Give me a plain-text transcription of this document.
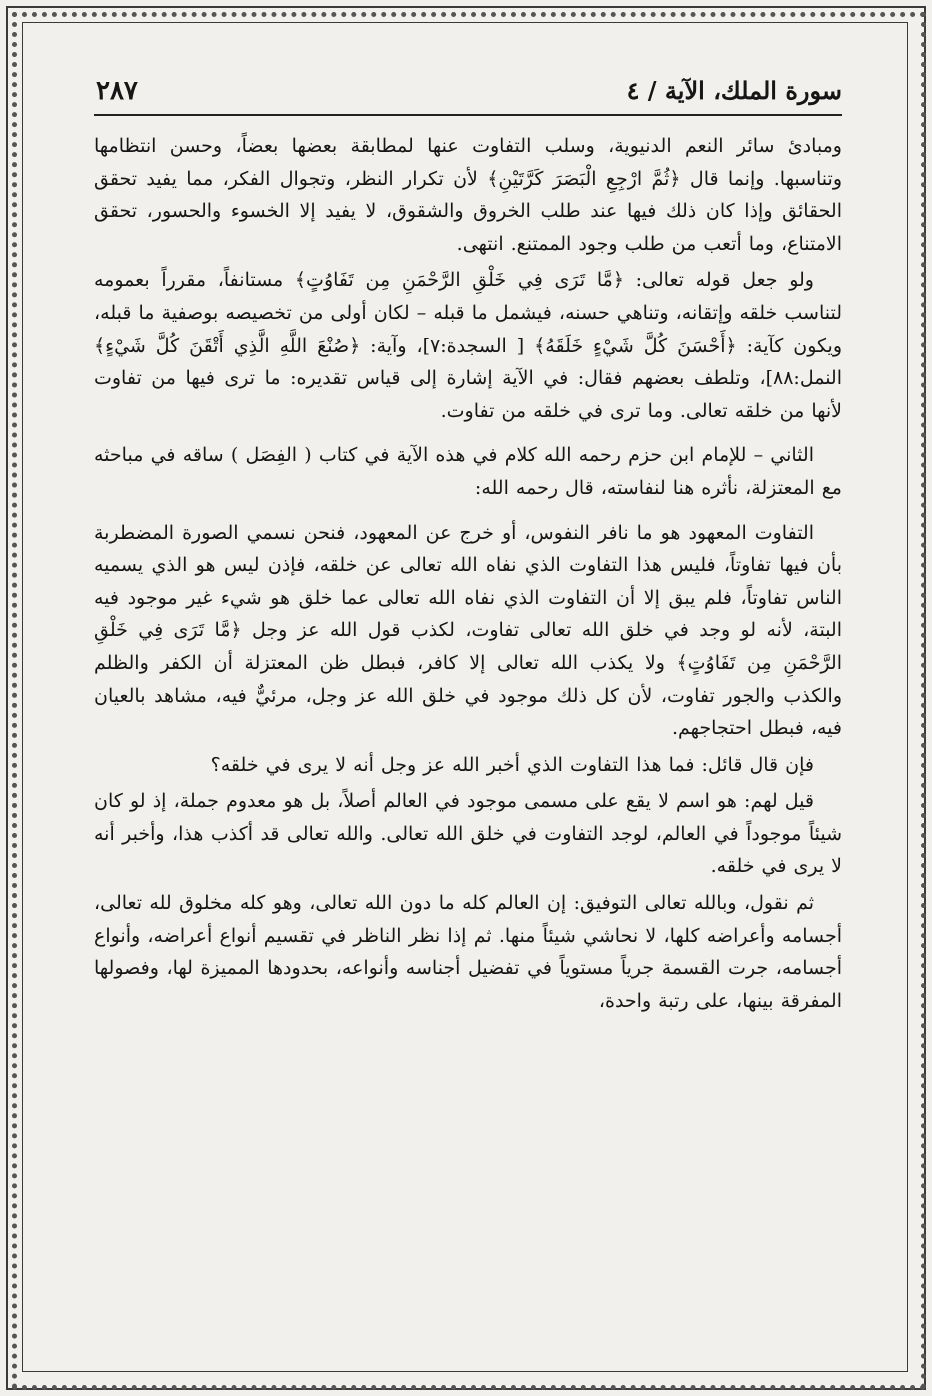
سورة الملك، الآية / ٤
٢٨٧

ومبادئ سائر النعم الدنيوية، وسلب التفاوت عنها لمطابقة بعضها بعضاً، وحسن انتظامها وتناسبها. وإنما قال ﴿ثُمَّ ارْجِعِ الْبَصَرَ كَرَّتَيْنِ﴾ لأن تكرار النظر، وتجوال الفكر، مما يفيد تحقق الحقائق وإذا كان ذلك فيها عند طلب الخروق والشقوق، لا يفيد إلا الخسوء والحسور، تحقق الامتناع، وما أتعب من طلب وجود الممتنع. انتهى.

ولو جعل قوله تعالى: ﴿مَّا تَرَى فِي خَلْقِ الرَّحْمَنِ مِن تَفَاوُتٍ﴾ مستانفاً، مقرراً بعمومه لتناسب خلقه وإتقانه، وتناهي حسنه، فيشمل ما قبله – لكان أولى من تخصيصه بوصفية ما قبله، ويكون كآية: ﴿أَحْسَنَ كُلَّ شَيْءٍ خَلَقَهُ﴾ [ السجدة:٧]، وآية: ﴿صُنْعَ اللَّهِ الَّذِي أَتْقَنَ كُلَّ شَيْءٍ﴾ النمل:٨٨]، وتلطف بعضهم فقال: في الآية إشارة إلى قياس تقديره: ما ترى فيها من تفاوت لأنها من خلقه تعالى. وما ترى في خلقه من تفاوت.

الثاني – للإمام ابن حزم رحمه الله كلام في هذه الآية في كتاب ( الفِصَل ) ساقه في مباحثه مع المعتزلة، نأثره هنا لنفاسته، قال رحمه الله:

التفاوت المعهود هو ما نافر النفوس، أو خرج عن المعهود، فنحن نسمي الصورة المضطربة بأن فيها تفاوتاً، فليس هذا التفاوت الذي نفاه الله تعالى عن خلقه، فإذن ليس هو الذي يسميه الناس تفاوتاً، فلم يبق إلا أن التفاوت الذي نفاه الله تعالى عما خلق هو شيء غير موجود فيه البتة، لأنه لو وجد في خلق الله تعالى تفاوت، لكذب قول الله عز وجل ﴿مَّا تَرَى فِي خَلْقِ الرَّحْمَنِ مِن تَفَاوُتٍ﴾ ولا يكذب الله تعالى إلا كافر، فبطل ظن المعتزلة أن الكفر والظلم والكذب والجور تفاوت، لأن كل ذلك موجود في خلق الله عز وجل، مرئيٌّ فيه، مشاهد بالعيان فيه، فبطل احتجاجهم.

فإن قال قائل: فما هذا التفاوت الذي أخبر الله عز وجل أنه لا يرى في خلقه؟

قيل لهم: هو اسم لا يقع على مسمى موجود في العالم أصلاً، بل هو معدوم جملة، إذ لو كان شيئاً موجوداً في العالم، لوجد التفاوت في خلق الله تعالى. والله تعالى قد أكذب هذا، وأخبر أنه لا يرى في خلقه.

ثم نقول، وبالله تعالى التوفيق: إن العالم كله ما دون الله تعالى، وهو كله مخلوق لله تعالى، أجسامه وأعراضه كلها، لا نحاشي شيئاً منها. ثم إذا نظر الناظر في تقسيم أنواع أعراضه، وأنواع أجسامه، جرت القسمة جرياً مستوياً في تفضيل أجناسه وأنواعه، بحدودها المميزة لها، وفصولها المفرقة بينها، على رتبة واحدة،
